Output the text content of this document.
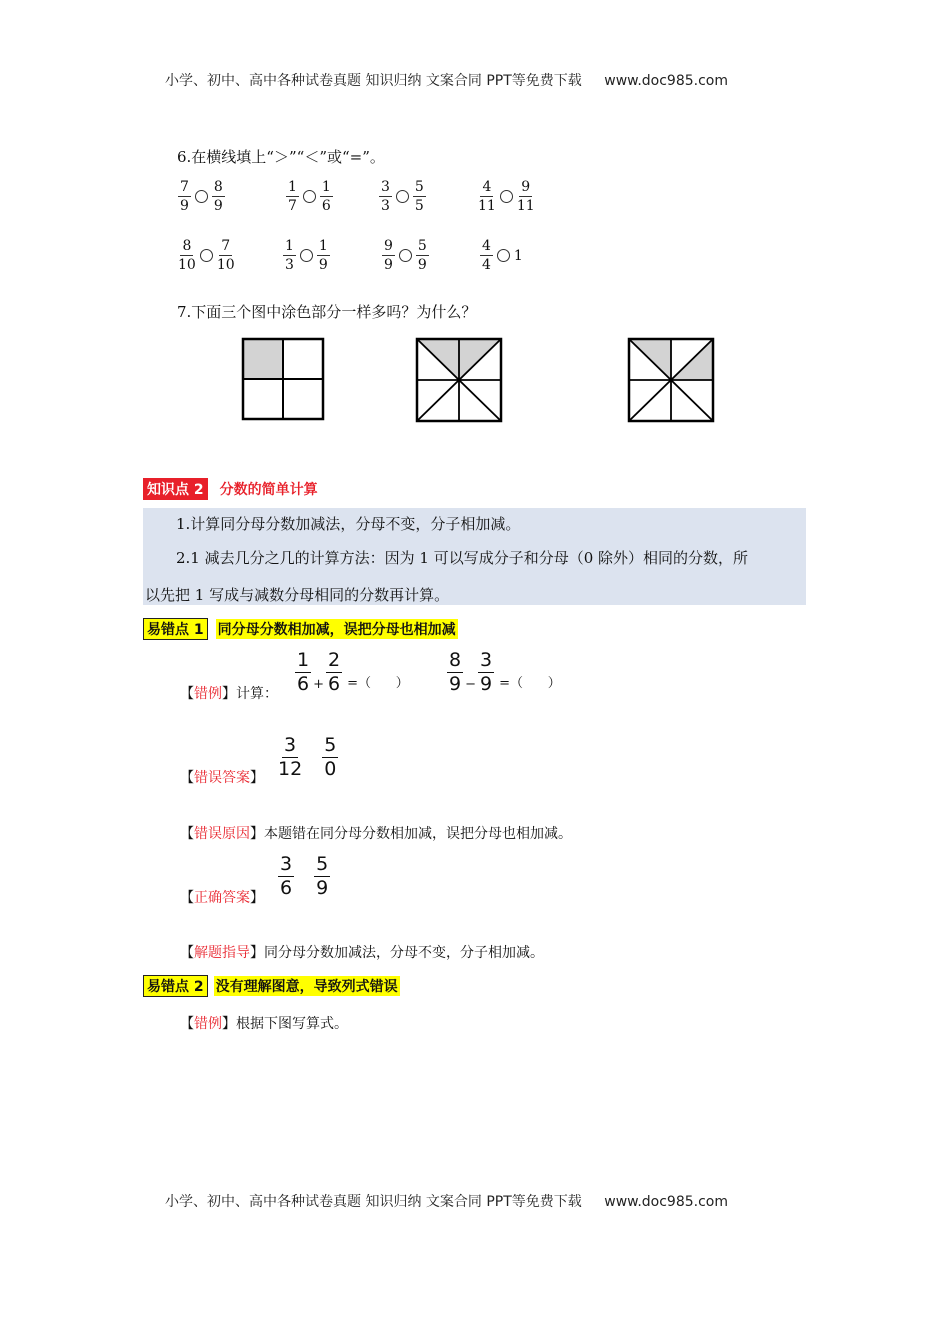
小学、初中、高中各种试卷真题 知识归纳 文案合同 PPT等免费下载 www.doc985.com
6.在横线填上“＞”“＜”或“=”。
$\frac{7}{9} \frac{8}{9}$	$\frac{1}{7} \frac{1}{6}$	$\frac{3}{3} \frac{5}{5}$	$\frac{4}{11} \frac{9}{11}$
$\frac{8}{10} \frac{7}{10}$	$\frac{1}{3} \frac{1}{9}$	$\frac{9}{9} \frac{5}{9}$	$\frac{4}{4} 1$
7.下面三个图中涂色部分一样多吗？为什么？
知识点 2 分数的简单计算
1.计算同分母分数加减法，分母不变，分子相加减。
2.1 减去几分之几的计算方法：因为 1 可以写成分子和分母（0 除外）相同的分数，所
以先把 1 写成与减数分母相同的分数再计算。
易错点 1 同分母分数相加减，误把分母也相加减
【错例】计算： $\frac{1}{6} + \frac{2}{6}$ =（      ） $\frac{8}{9} - \frac{3}{9}$ =（      ）
【错误答案】 $\frac{3}{12} \frac{5}{0}$
【错误原因】本题错在同分母分数相加减，误把分母也相加减。
【正确答案】 $\frac{3}{6} \frac{5}{9}$
【解题指导】同分母分数加减法，分母不变，分子相加减。
易错点 2 没有理解图意，导致列式错误
【错例】根据下图写算式。
小学、初中、高中各种试卷真题 知识归纳 文案合同 PPT等免费下载 www.doc985.com
